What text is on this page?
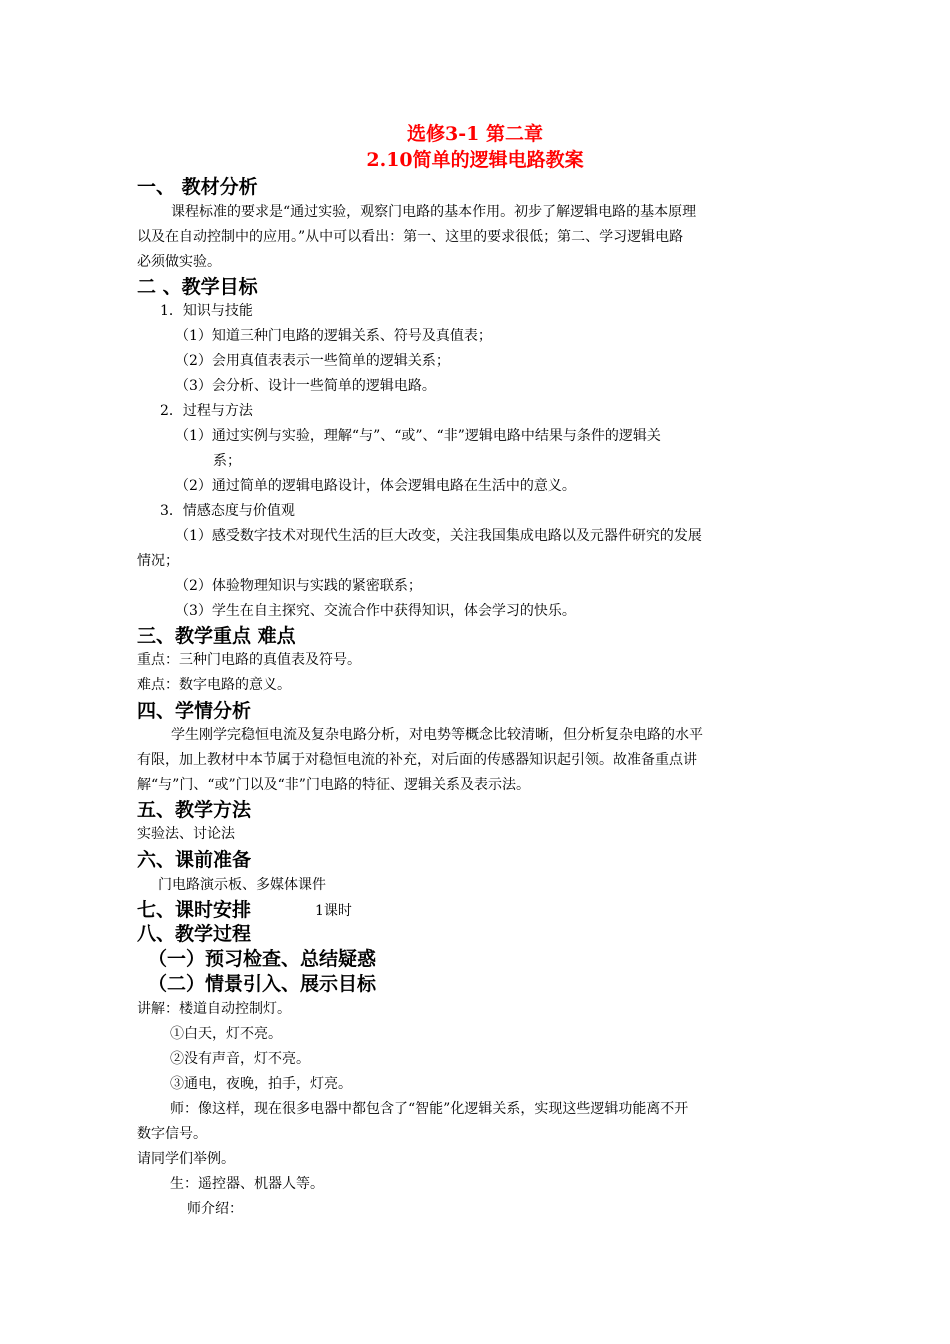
选修3-1 第二章
2.10简单的逻辑电路教案
一、 教材分析
课程标准的要求是“通过实验，观察门电路的基本作用。初步了解逻辑电路的基本原理
以及在自动控制中的应用。”从中可以看出：第一、这里的要求很低；第二、学习逻辑电路
必须做实验。
二 、教学目标
1．知识与技能
（1）知道三种门电路的逻辑关系、符号及真值表；
（2）会用真值表表示一些简单的逻辑关系；
（3）会分析、设计一些简单的逻辑电路。
2．过程与方法
（1）通过实例与实验，理解“与”、“或”、“非”逻辑电路中结果与条件的逻辑关
系；
（2）通过简单的逻辑电路设计，体会逻辑电路在生活中的意义。
3．情感态度与价值观
（1）感受数字技术对现代生活的巨大改变，关注我国集成电路以及元器件研究的发展
情况；
（2）体验物理知识与实践的紧密联系；
（3）学生在自主探究、交流合作中获得知识，体会学习的快乐。
三、教学重点 难点
重点：三种门电路的真值表及符号。
难点：数字电路的意义。
四、学情分析
学生刚学完稳恒电流及复杂电路分析，对电势等概念比较清晰，但分析复杂电路的水平
有限，加上教材中本节属于对稳恒电流的补充，对后面的传感器知识起引领。故准备重点讲
解“与”门、“或”门以及“非”门电路的特征、逻辑关系及表示法。
五、教学方法
实验法、讨论法
六、课前准备
门电路演示板、多媒体课件
七、课时安排	1课时
八、教学过程
（一）预习检查、总结疑惑
（二）情景引入、展示目标
讲解：楼道自动控制灯。
①白天，灯不亮。
②没有声音，灯不亮。
③通电，夜晚，拍手，灯亮。
师：像这样，现在很多电器中都包含了“智能”化逻辑关系，实现这些逻辑功能离不开
数字信号。
请同学们举例。
生：遥控器、机器人等。
师介绍：
